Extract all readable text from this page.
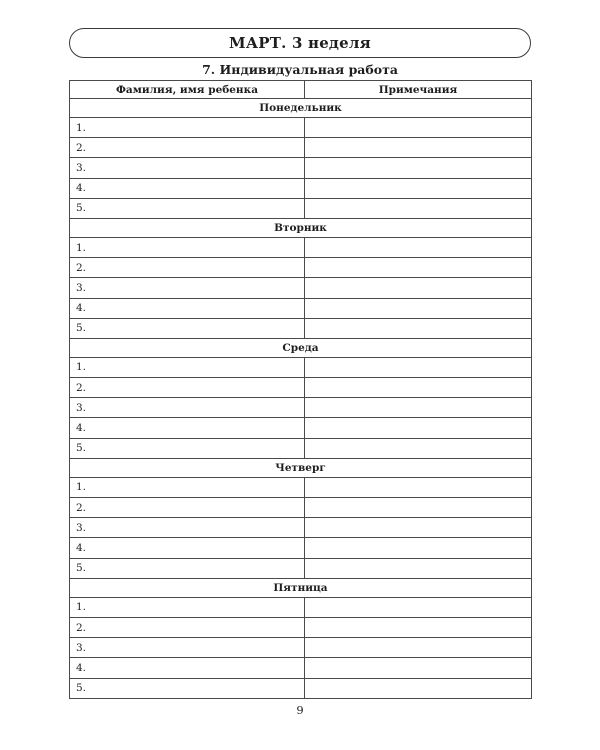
МАРТ. 3 неделя
7. Индивидуальная работа
Фамилия, имя ребенка	Примечания
Понедельник	
1.	
2.	
3.	
4.	
5.	
Вторник	
1.	
2.	
3.	
4.	
5.	
Среда	
1.	
2.	
3.	
4.	
5.	
Четверг	
1.	
2.	
3.	
4.	
5.	
Пятница	
1.	
2.	
3.	
4.	
5.	
9
